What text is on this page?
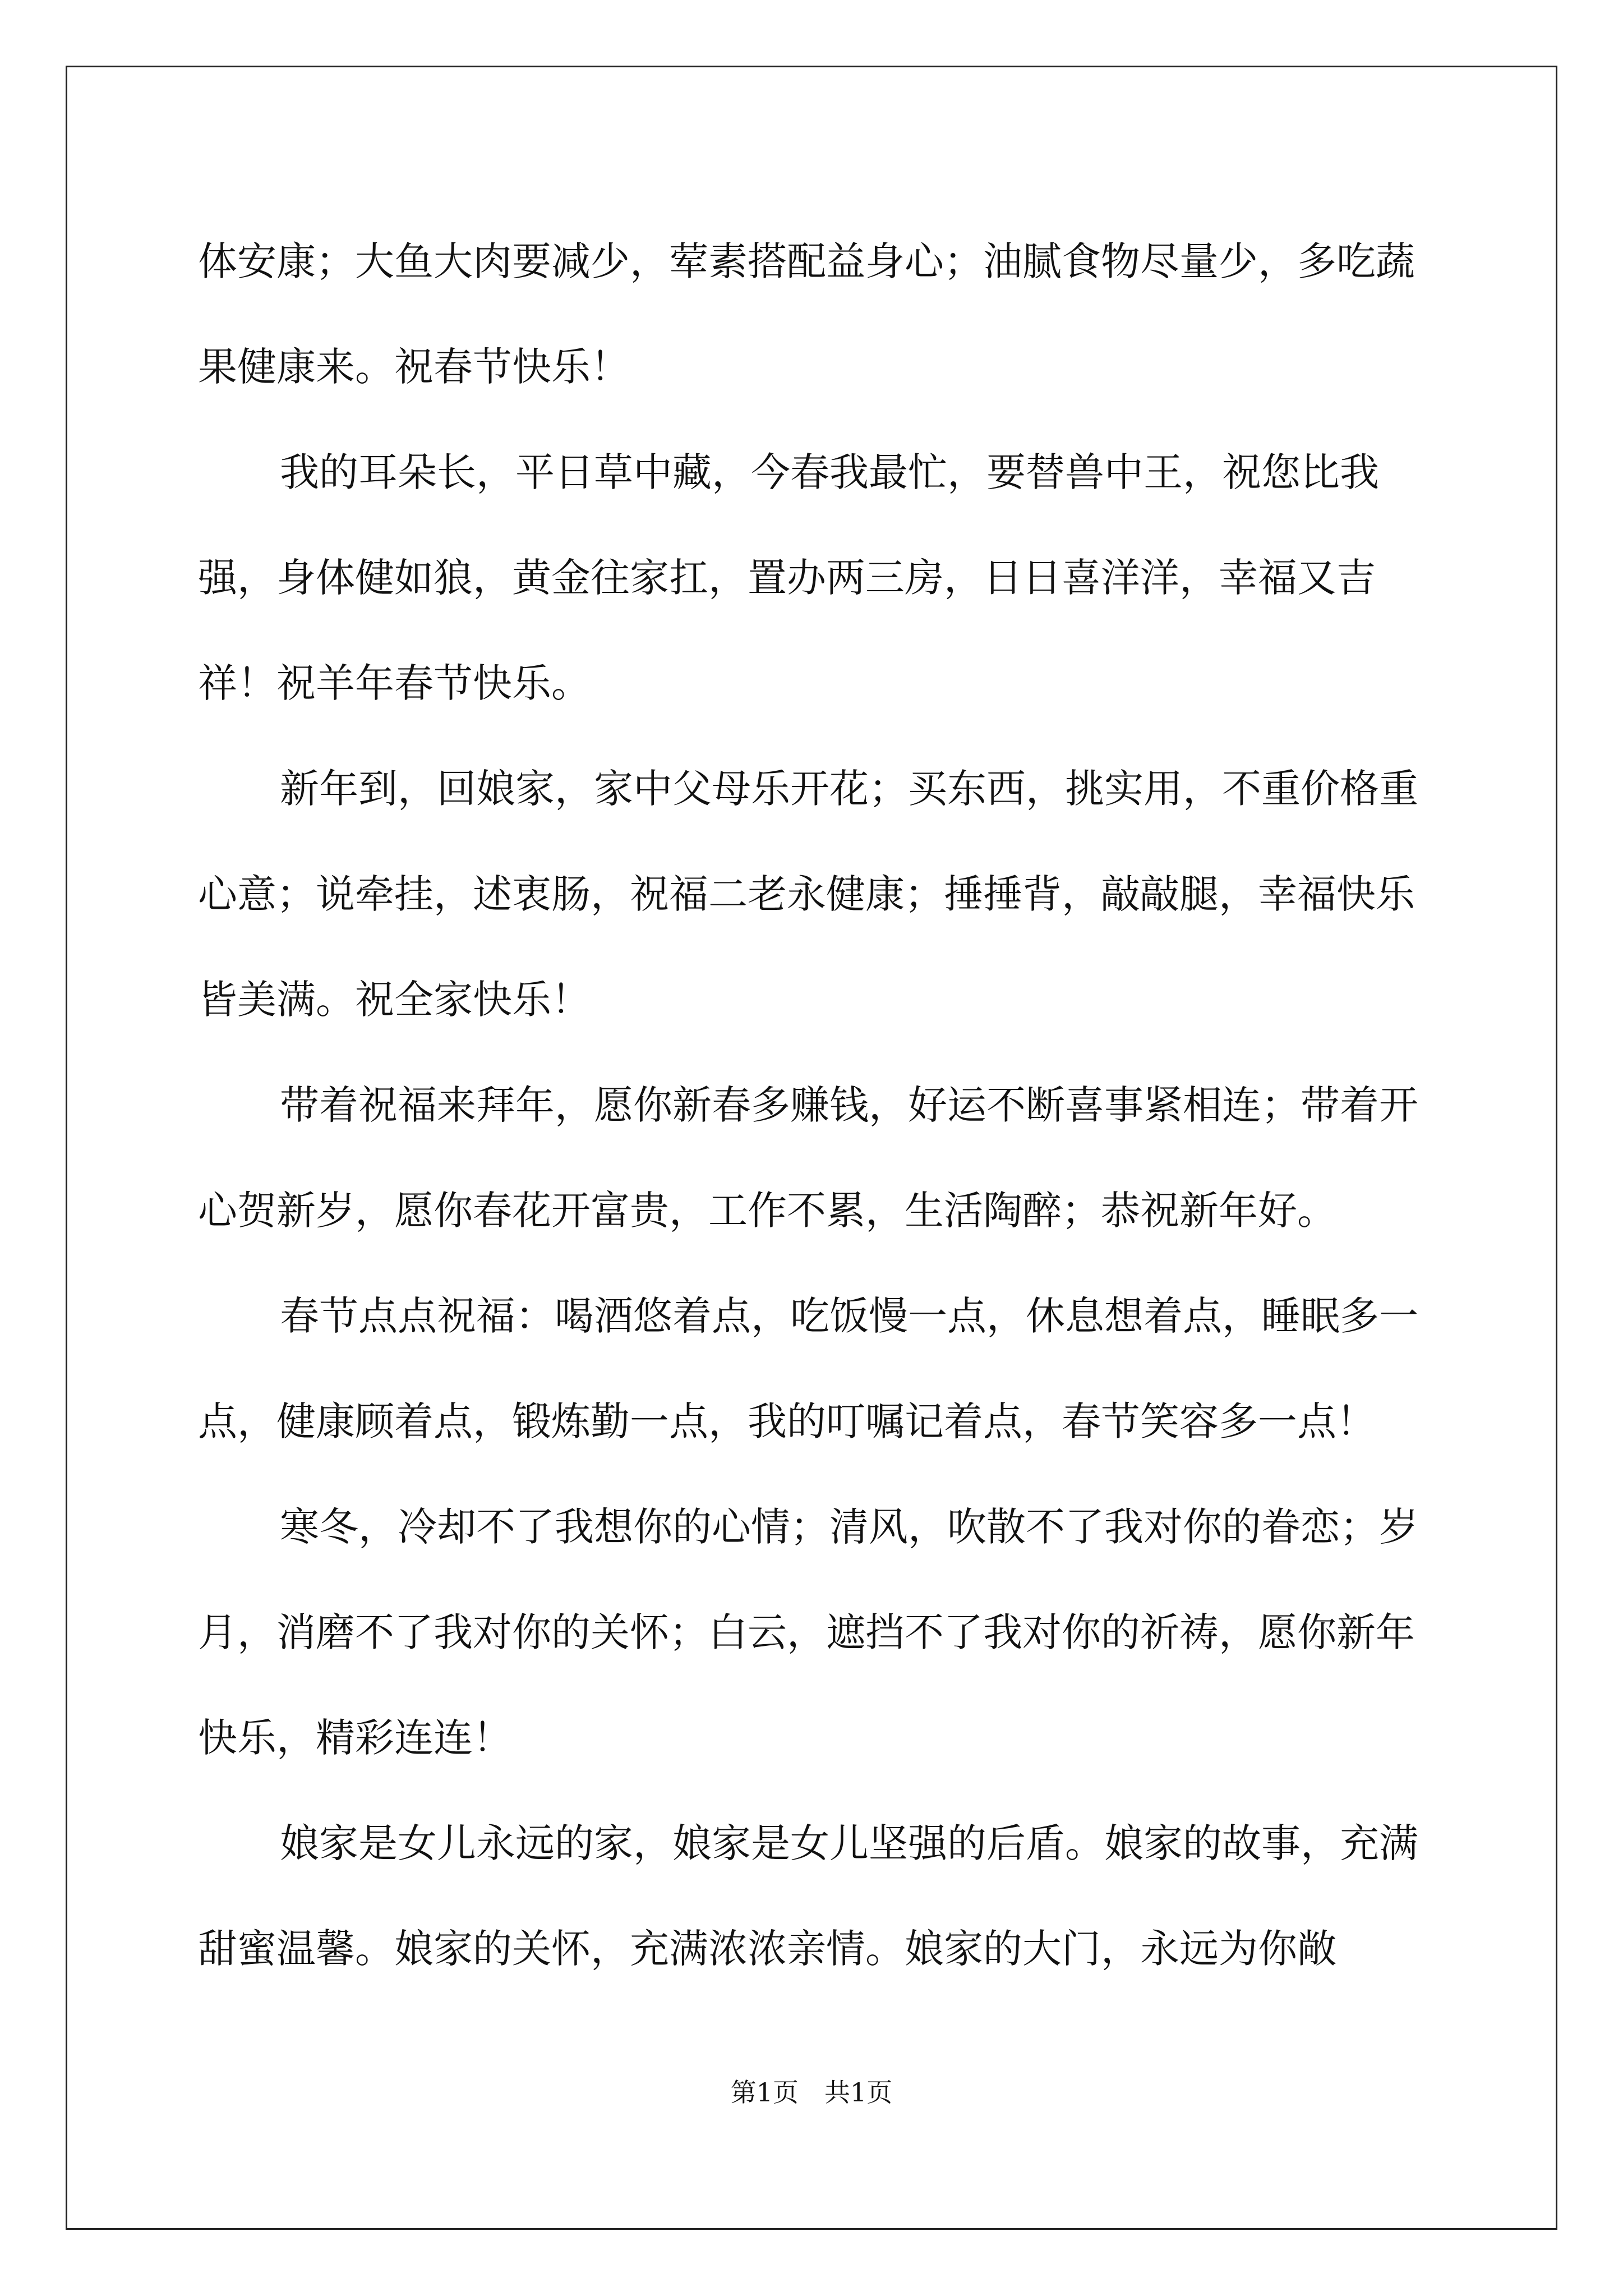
体安康；大鱼大肉要减少，荤素搭配益身心；油腻食物尽量少，多吃蔬果健康来。祝春节快乐！

我的耳朵长，平日草中藏，今春我最忙，要替兽中王，祝您比我强，身体健如狼，黄金往家扛，置办两三房，日日喜洋洋，幸福又吉祥！祝羊年春节快乐。

新年到，回娘家，家中父母乐开花；买东西，挑实用，不重价格重心意；说牵挂，述衷肠，祝福二老永健康；捶捶背，敲敲腿，幸福快乐皆美满。祝全家快乐！

带着祝福来拜年，愿你新春多赚钱，好运不断喜事紧相连；带着开心贺新岁，愿你春花开富贵，工作不累，生活陶醉；恭祝新年好。

春节点点祝福：喝酒悠着点，吃饭慢一点，休息想着点，睡眠多一点，健康顾着点，锻炼勤一点，我的叮嘱记着点，春节笑容多一点！

寒冬，冷却不了我想你的心情；清风，吹散不了我对你的眷恋；岁月，消磨不了我对你的关怀；白云，遮挡不了我对你的祈祷，愿你新年快乐，精彩连连！

娘家是女儿永远的家，娘家是女儿坚强的后盾。娘家的故事，充满甜蜜温馨。娘家的关怀，充满浓浓亲情。娘家的大门，永远为你敞

第1页 共1页
